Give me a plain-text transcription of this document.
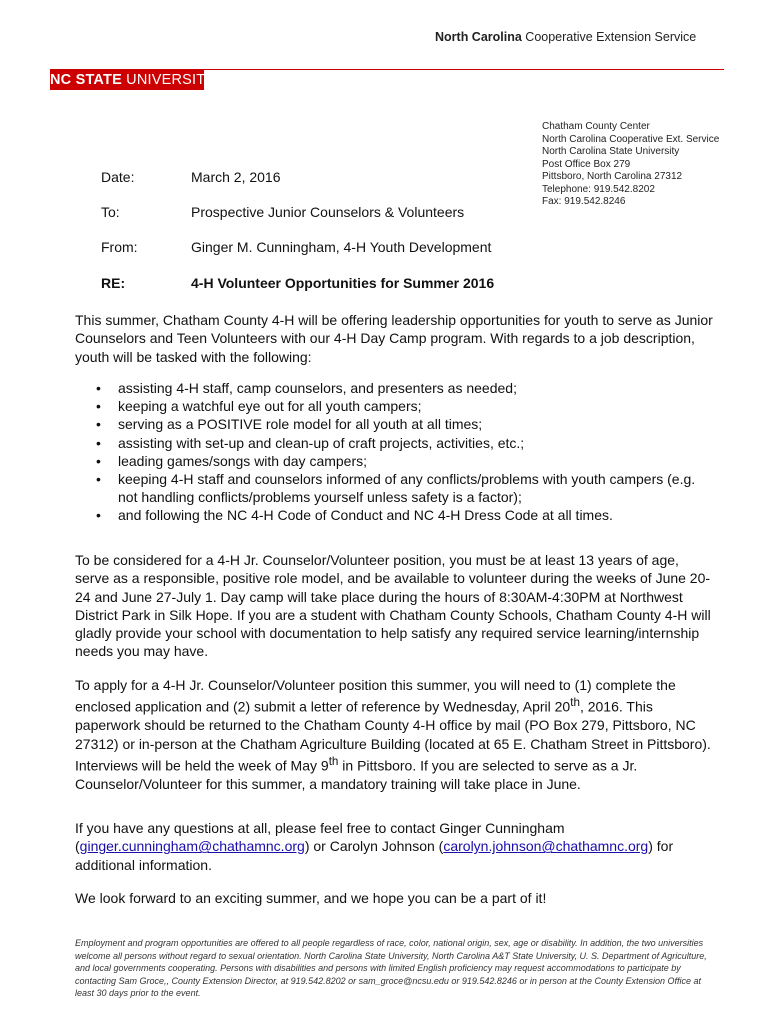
North Carolina Cooperative Extension Service
NC STATE UNIVERSITY
Chatham County Center
North Carolina Cooperative Ext. Service
North Carolina State University
Post Office Box 279
Pittsboro, North Carolina 27312
Telephone: 919.542.8202
Fax: 919.542.8246
Date:	March 2, 2016
To:	Prospective Junior Counselors & Volunteers
From:	Ginger M. Cunningham, 4-H Youth Development
RE:	4-H Volunteer Opportunities for Summer 2016
This summer, Chatham County 4-H will be offering leadership opportunities for youth to serve as Junior Counselors and Teen Volunteers with our 4-H Day Camp program. With regards to a job description, youth will be tasked with the following:
• assisting 4-H staff, camp counselors, and presenters as needed;
• keeping a watchful eye out for all youth campers;
• serving as a POSITIVE role model for all youth at all times;
• assisting with set-up and clean-up of craft projects, activities, etc.;
• leading games/songs with day campers;
• keeping 4-H staff and counselors informed of any conflicts/problems with youth campers (e.g. not handling conflicts/problems yourself unless safety is a factor);
• and following the NC 4-H Code of Conduct and NC 4-H Dress Code at all times.
To be considered for a 4-H Jr. Counselor/Volunteer position, you must be at least 13 years of age, serve as a responsible, positive role model, and be available to volunteer during the weeks of June 20-24 and June 27-July 1. Day camp will take place during the hours of 8:30AM-4:30PM at Northwest District Park in Silk Hope. If you are a student with Chatham County Schools, Chatham County 4-H will gladly provide your school with documentation to help satisfy any required service learning/internship needs you may have.
To apply for a 4-H Jr. Counselor/Volunteer position this summer, you will need to (1) complete the enclosed application and (2) submit a letter of reference by Wednesday, April 20th, 2016. This paperwork should be returned to the Chatham County 4-H office by mail (PO Box 279, Pittsboro, NC 27312) or in-person at the Chatham Agriculture Building (located at 65 E. Chatham Street in Pittsboro). Interviews will be held the week of May 9th in Pittsboro. If you are selected to serve as a Jr. Counselor/Volunteer for this summer, a mandatory training will take place in June.
If you have any questions at all, please feel free to contact Ginger Cunningham (ginger.cunningham@chathamnc.org) or Carolyn Johnson (carolyn.johnson@chathamnc.org) for additional information.
We look forward to an exciting summer, and we hope you can be a part of it!
Employment and program opportunities are offered to all people regardless of race, color, national origin, sex, age or disability. In addition, the two universities welcome all persons without regard to sexual orientation. North Carolina State University, North Carolina A&T State University, U. S. Department of Agriculture, and local governments cooperating. Persons with disabilities and persons with limited English proficiency may request accommodations to participate by contacting Sam Groce,, County Extension Director, at 919.542.8202 or sam_groce@ncsu.edu or 919.542.8246 or in person at the County Extension Office at least 30 days prior to the event.
